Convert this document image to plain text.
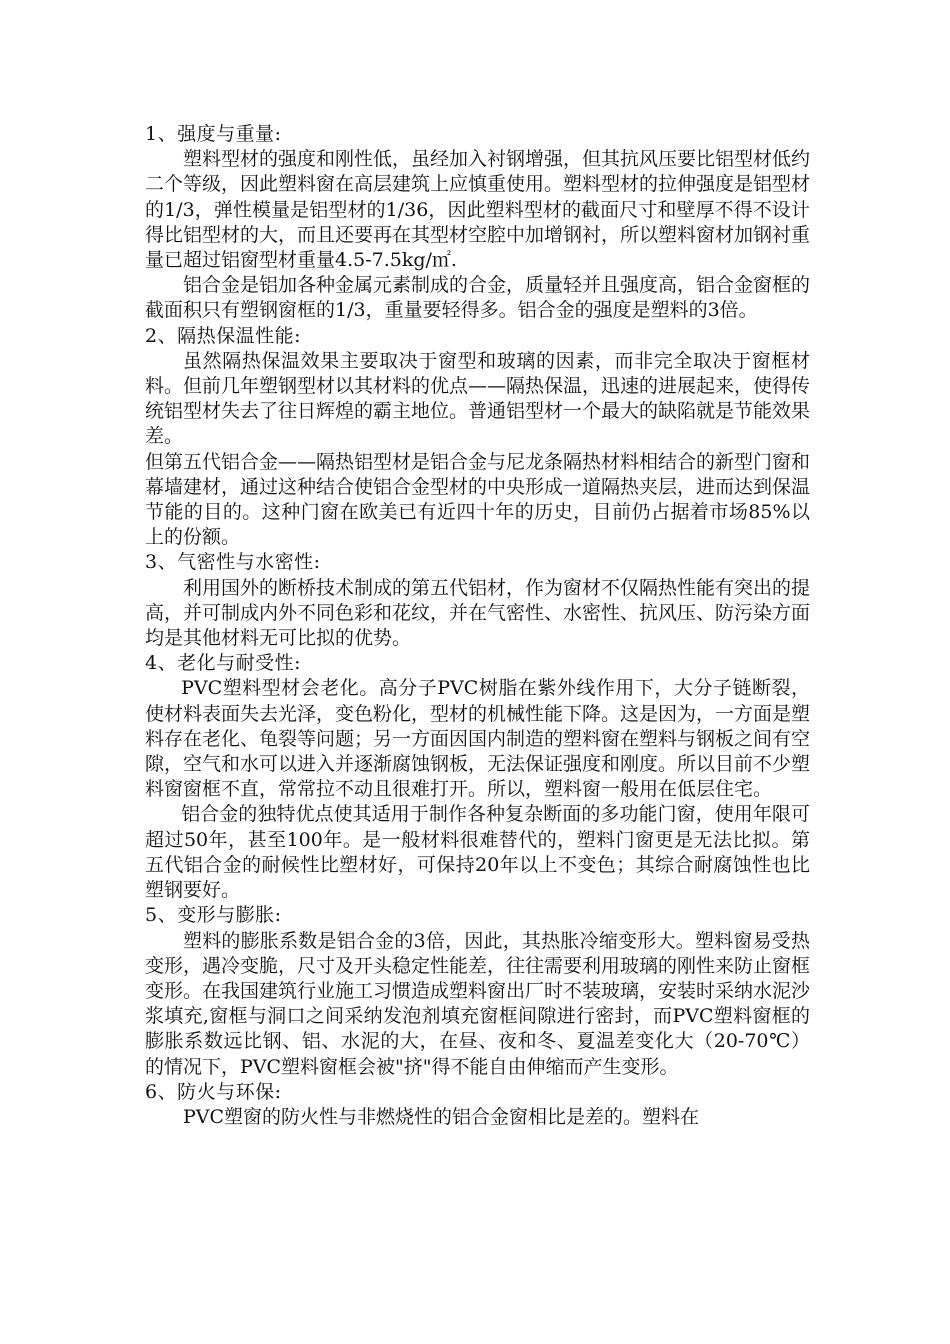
1、强度与重量:

塑料型材的强度和刚性低，虽经加入衬钢增强，但其抗风压要比铝型材低约二个等级，因此塑料窗在高层建筑上应慎重使用。塑料型材的拉伸强度是铝型材的1/3，弹性模量是铝型材的1/36，因此塑料型材的截面尺寸和壁厚不得不设计得比铝型材的大，而且还要再在其型材空腔中加增钢衬，所以塑料窗材加钢衬重量已超过铝窗型材重量4.5-7.5kg/㎡.

铝合金是铝加各种金属元素制成的合金，质量轻并且强度高，铝合金窗框的截面积只有塑钢窗框的1/3，重量要轻得多。铝合金的强度是塑料的3倍。

2、隔热保温性能:

虽然隔热保温效果主要取决于窗型和玻璃的因素，而非完全取决于窗框材料。但前几年塑钢型材以其材料的优点——隔热保温，迅速的进展起来，使得传统铝型材失去了往日辉煌的霸主地位。普通铝型材一个最大的缺陷就是节能效果差。

但第五代铝合金——隔热铝型材是铝合金与尼龙条隔热材料相结合的新型门窗和幕墙建材，通过这种结合使铝合金型材的中央形成一道隔热夹层，进而达到保温节能的目的。这种门窗在欧美已有近四十年的历史，目前仍占据着市场85%以上的份额。

3、气密性与水密性:

利用国外的断桥技术制成的第五代铝材，作为窗材不仅隔热性能有突出的提高，并可制成内外不同色彩和花纹，并在气密性、水密性、抗风压、防污染方面均是其他材料无可比拟的优势。

4、老化与耐受性:

PVC塑料型材会老化。高分子PVC树脂在紫外线作用下，大分子链断裂，使材料表面失去光泽，变色粉化，型材的机械性能下降。这是因为，一方面是塑料存在老化、龟裂等问题；另一方面因国内制造的塑料窗在塑料与钢板之间有空隙，空气和水可以进入并逐渐腐蚀钢板，无法保证强度和刚度。所以目前不少塑料窗窗框不直，常常拉不动且很难打开。所以，塑料窗一般用在低层住宅。

铝合金的独特优点使其适用于制作各种复杂断面的多功能门窗，使用年限可超过50年，甚至100年。是一般材料很难替代的，塑料门窗更是无法比拟。第五代铝合金的耐候性比塑材好，可保持20年以上不变色；其综合耐腐蚀性也比塑钢要好。

5、变形与膨胀:

塑料的膨胀系数是铝合金的3倍，因此，其热胀冷缩变形大。塑料窗易受热变形，遇冷变脆，尺寸及开头稳定性能差，往往需要利用玻璃的刚性来防止窗框变形。在我国建筑行业施工习惯造成塑料窗出厂时不装玻璃，安装时采纳水泥沙浆填充,窗框与洞口之间采纳发泡剂填充窗框间隙进行密封，而PVC塑料窗框的膨胀系数远比钢、铝、水泥的大，在昼、夜和冬、夏温差变化大（20-70℃）的情况下，PVC塑料窗框会被"挤"得不能自由伸缩而产生变形。

6、防火与环保:

PVC塑窗的防火性与非燃烧性的铝合金窗相比是差的。塑料在
